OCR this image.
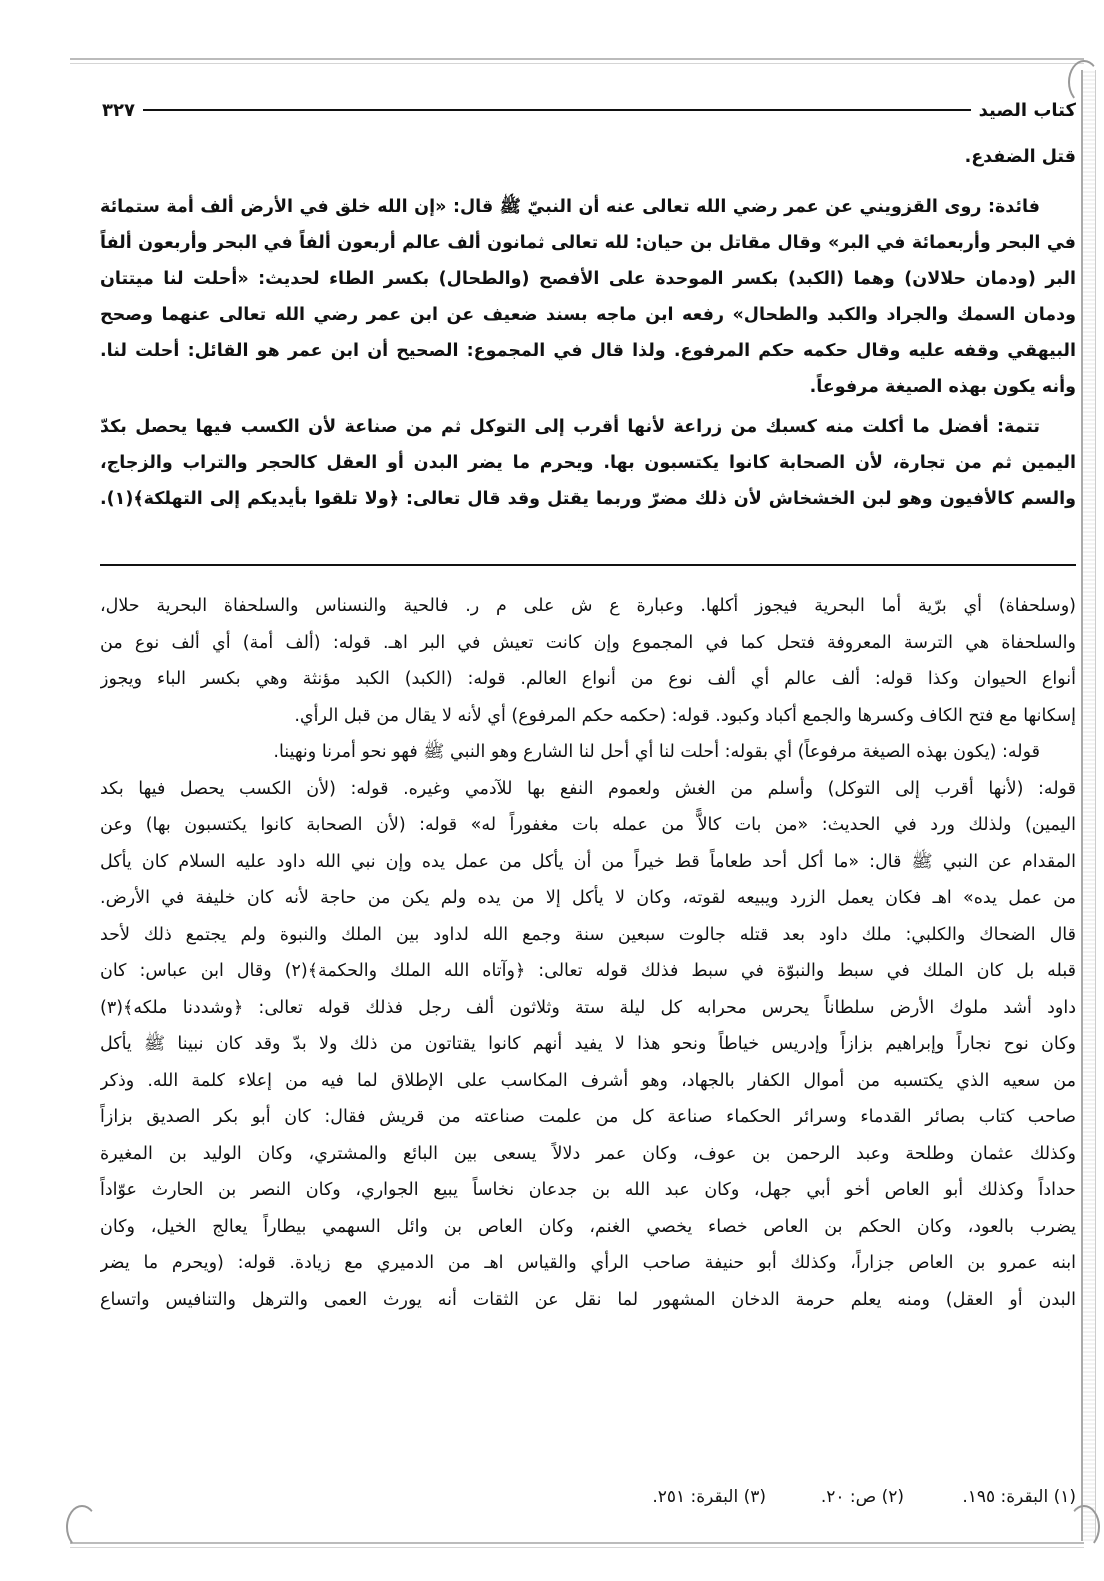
كتاب الصيد
٣٢٧
قتل الضفدع.
فائدة: روى القزويني عن عمر رضي الله تعالى عنه أن النبيّ ﷺ قال: «إن الله خلق في الأرض ألف أمة ستمائة
في البحر وأربعمائة في البر» وقال مقاتل بن حيان: لله تعالى ثمانون ألف عالم أربعون ألفاً في البحر وأربعون ألفاً
البر (ودمان حلالان) وهما (الكبد) بكسر الموحدة على الأفصح (والطحال) بكسر الطاء لحديث: «أحلت لنا ميتتان
ودمان السمك والجراد والكبد والطحال» رفعه ابن ماجه بسند ضعيف عن ابن عمر رضي الله تعالى عنهما وصحح
البيهقي وقفه عليه وقال حكمه حكم المرفوع. ولذا قال في المجموع: الصحيح أن ابن عمر هو القائل: أحلت لنا.
وأنه يكون بهذه الصيغة مرفوعاً.
تتمة: أفضل ما أكلت منه كسبك من زراعة لأنها أقرب إلى التوكل ثم من صناعة لأن الكسب فيها يحصل بكدّ
اليمين ثم من تجارة، لأن الصحابة كانوا يكتسبون بها. ويحرم ما يضر البدن أو العقل كالحجر والتراب والزجاج،
والسم كالأفيون وهو لبن الخشخاش لأن ذلك مضرّ وربما يقتل وقد قال تعالى: ﴿ولا تلقوا بأيديكم إلى التهلكة﴾(١).
(وسلحفاة) أي برّية أما البحرية فيجوز أكلها. وعبارة ع ش على م ر. فالحية والنسناس والسلحفاة البحرية حلال،
والسلحفاة هي الترسة المعروفة فتحل كما في المجموع وإن كانت تعيش في البر اهـ. قوله: (ألف أمة) أي ألف نوع من
أنواع الحيوان وكذا قوله: ألف عالم أي ألف نوع من أنواع العالم. قوله: (الكبد) الكبد مؤنثة وهي بكسر الباء ويجوز
إسكانها مع فتح الكاف وكسرها والجمع أكباد وكبود. قوله: (حكمه حكم المرفوع) أي لأنه لا يقال من قبل الرأي.
قوله: (يكون بهذه الصيغة مرفوعاً) أي بقوله: أحلت لنا أي أحل لنا الشارع وهو النبي ﷺ فهو نحو أمرنا ونهينا.
قوله: (لأنها أقرب إلى التوكل) وأسلم من الغش ولعموم النفع بها للآدمي وغيره. قوله: (لأن الكسب يحصل فيها بكد
اليمين) ولذلك ورد في الحديث: «من بات كالاًّ من عمله بات مغفوراً له» قوله: (لأن الصحابة كانوا يكتسبون بها) وعن
المقدام عن النبي ﷺ قال: «ما أكل أحد طعاماً قط خيراً من أن يأكل من عمل يده وإن نبي الله داود عليه السلام كان يأكل
من عمل يده» اهـ فكان يعمل الزرد ويبيعه لقوته، وكان لا يأكل إلا من يده ولم يكن من حاجة لأنه كان خليفة في الأرض.
قال الضحاك والكلبي: ملك داود بعد قتله جالوت سبعين سنة وجمع الله لداود بين الملك والنبوة ولم يجتمع ذلك لأحد
قبله بل كان الملك في سبط والنبوّة في سبط فذلك قوله تعالى: ﴿وآتاه الله الملك والحكمة﴾(٢) وقال ابن عباس: كان
داود أشد ملوك الأرض سلطاناً يحرس محرابه كل ليلة ستة وثلاثون ألف رجل فذلك قوله تعالى: ﴿وشددنا ملكه﴾(٣)
وكان نوح نجاراً وإبراهيم بزازاً وإدريس خياطاً ونحو هذا لا يفيد أنهم كانوا يقتاتون من ذلك ولا بدّ وقد كان نبينا ﷺ يأكل
من سعيه الذي يكتسبه من أموال الكفار بالجهاد، وهو أشرف المكاسب على الإطلاق لما فيه من إعلاء كلمة الله. وذكر
صاحب كتاب بصائر القدماء وسرائر الحكماء صناعة كل من علمت صناعته من قريش فقال: كان أبو بكر الصديق بزازاً
وكذلك عثمان وطلحة وعبد الرحمن بن عوف، وكان عمر دلالاً يسعى بين البائع والمشتري، وكان الوليد بن المغيرة
حداداً وكذلك أبو العاص أخو أبي جهل، وكان عبد الله بن جدعان نخاساً يبيع الجواري، وكان النصر بن الحارث عوّاداً
يضرب بالعود، وكان الحكم بن العاص خصاء يخصي الغنم، وكان العاص بن وائل السهمي بيطاراً يعالج الخيل، وكان
ابنه عمرو بن العاص جزاراً، وكذلك أبو حنيفة صاحب الرأي والقياس اهـ من الدميري مع زيادة. قوله: (ويحرم ما يضر
البدن أو العقل) ومنه يعلم حرمة الدخان المشهور لما نقل عن الثقات أنه يورث العمى والترهل والتنافيس واتساع
(١) البقرة: ١٩٥.
(٢) ص: ٢٠.
(٣) البقرة: ٢٥١.
